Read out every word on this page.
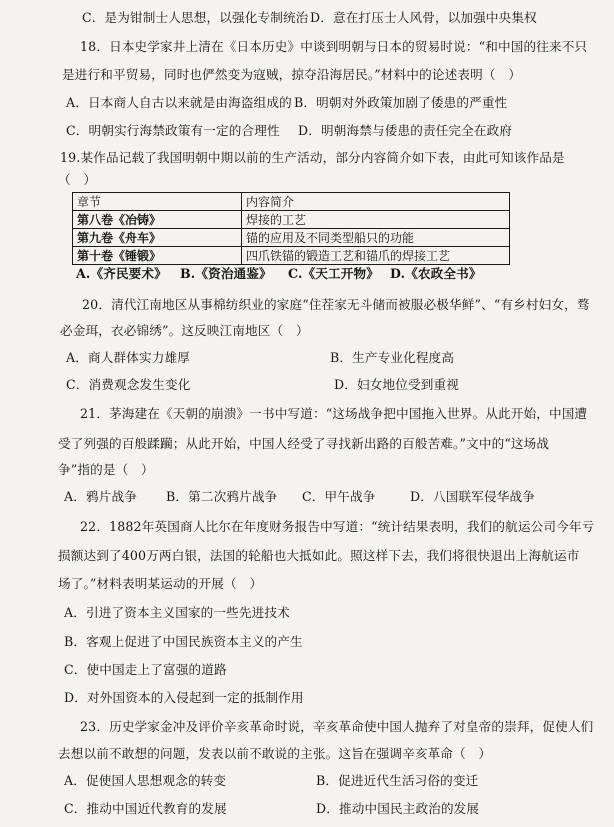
C．是为钳制士人思想，以强化专制统治 D．意在打压士人风骨，以加强中央集权
18．日本史学家井上清在《日本历史》中谈到明朝与日本的贸易时说：“和中国的往来不只
是进行和平贸易，同时也俨然变为寇贼，掠夺沿海居民。”材料中的论述表明（　）
A．日本商人自古以来就是由海盗组成的 B．明朝对外政策加剧了倭患的严重性
C．明朝实行海禁政策有一定的合理性 D．明朝海禁与倭患的责任完全在政府
19.某作品记载了我国明朝中期以前的生产活动，部分内容简介如下表，由此可知该作品是
（　）
章节	内容简介
第八卷《冶铸》	焊接的工艺
第九卷《舟车》	锚的应用及不同类型船只的功能
第十卷《锤锻》	四爪铁锚的锻造工艺和锚爪的焊接工艺
A.《齐民要术》 B.《资治通鉴》 C.《天工开物》 D.《农政全书》
20．清代江南地区从事棉纺织业的家庭“住茬家无斗储而被服必极华鲜”、“有乡村妇女，骛
必金珥，衣必锦绣”。这反映江南地区（　）
A．商人群体实力雄厚	B．生产专业化程度高
C．消费观念发生变化	D．妇女地位受到重视
21．茅海建在《天朝的崩溃》一书中写道：“这场战争把中国拖入世界。从此开始，中国遭
受了列强的百般蹂躏；从此开始，中国人经受了寻找新出路的百般苦难。”文中的“这场战
争”指的是（　）
A．鸦片战争 B．第二次鸦片战争 C．甲午战争	D．八国联军侵华战争
22．1882年英国商人比尔在年度财务报告中写道：“统计结果表明，我们的航运公司今年亏
损额达到了400万两白银，法国的轮船也大抵如此。照这样下去，我们将很快退出上海航运市
场了。”材料表明某运动的开展（　）
A．引进了资本主义国家的一些先进技术
B．客观上促进了中国民族资本主义的产生
C．使中国走上了富强的道路
D．对外国资本的入侵起到一定的抵制作用
23．历史学家金冲及评价辛亥革命时说，辛亥革命使中国人抛弃了对皇帝的崇拜，促使人们
去想以前不敢想的问题，发表以前不敢说的主张。这旨在强调辛亥革命（　）
A．促使国人思想观念的转变	B．促进近代生活习俗的变迁
C．推动中国近代教育的发展	D．推动中国民主政治的发展
